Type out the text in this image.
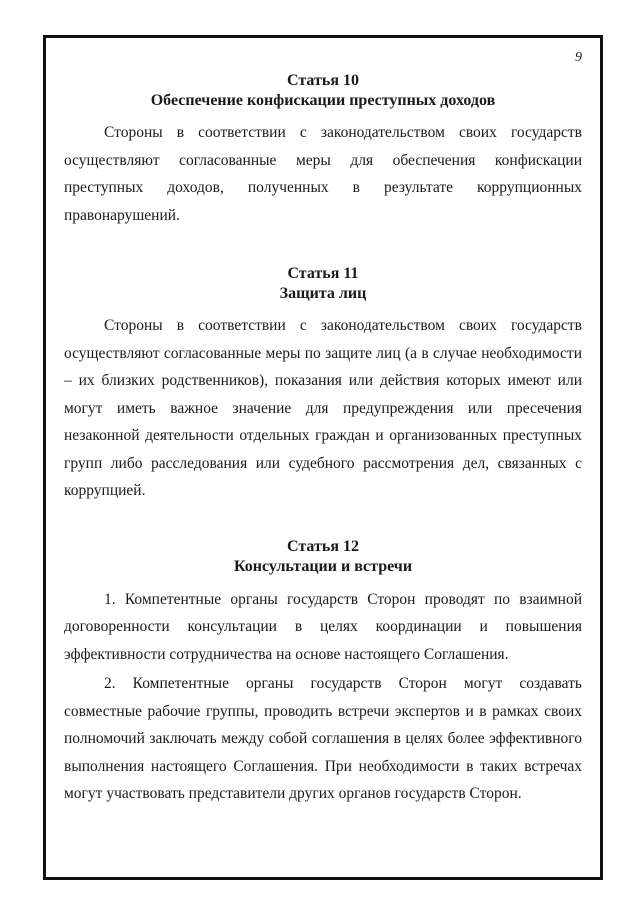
9
Статья 10
Обеспечение конфискации преступных доходов

Стороны в соответствии с законодательством своих государств осуществляют согласованные меры для обеспечения конфискации преступных доходов, полученных в результате коррупционных правонарушений.

Статья 11
Защита лиц

Стороны в соответствии с законодательством своих государств осуществляют согласованные меры по защите лиц (а в случае необходимости – их близких родственников), показания или действия которых имеют или могут иметь важное значение для предупреждения или пресечения незаконной деятельности отдельных граждан и организованных преступных групп либо расследования или судебного рассмотрения дел, связанных с коррупцией.

Статья 12
Консультации и встречи

1. Компетентные органы государств Сторон проводят по взаимной договоренности консультации в целях координации и повышения эффективности сотрудничества на основе настоящего Соглашения.

2. Компетентные органы государств Сторон могут создавать совместные рабочие группы, проводить встречи экспертов и в рамках своих полномочий заключать между собой соглашения в целях более эффективного выполнения настоящего Соглашения. При необходимости в таких встречах могут участвовать представители других органов государств Сторон.
